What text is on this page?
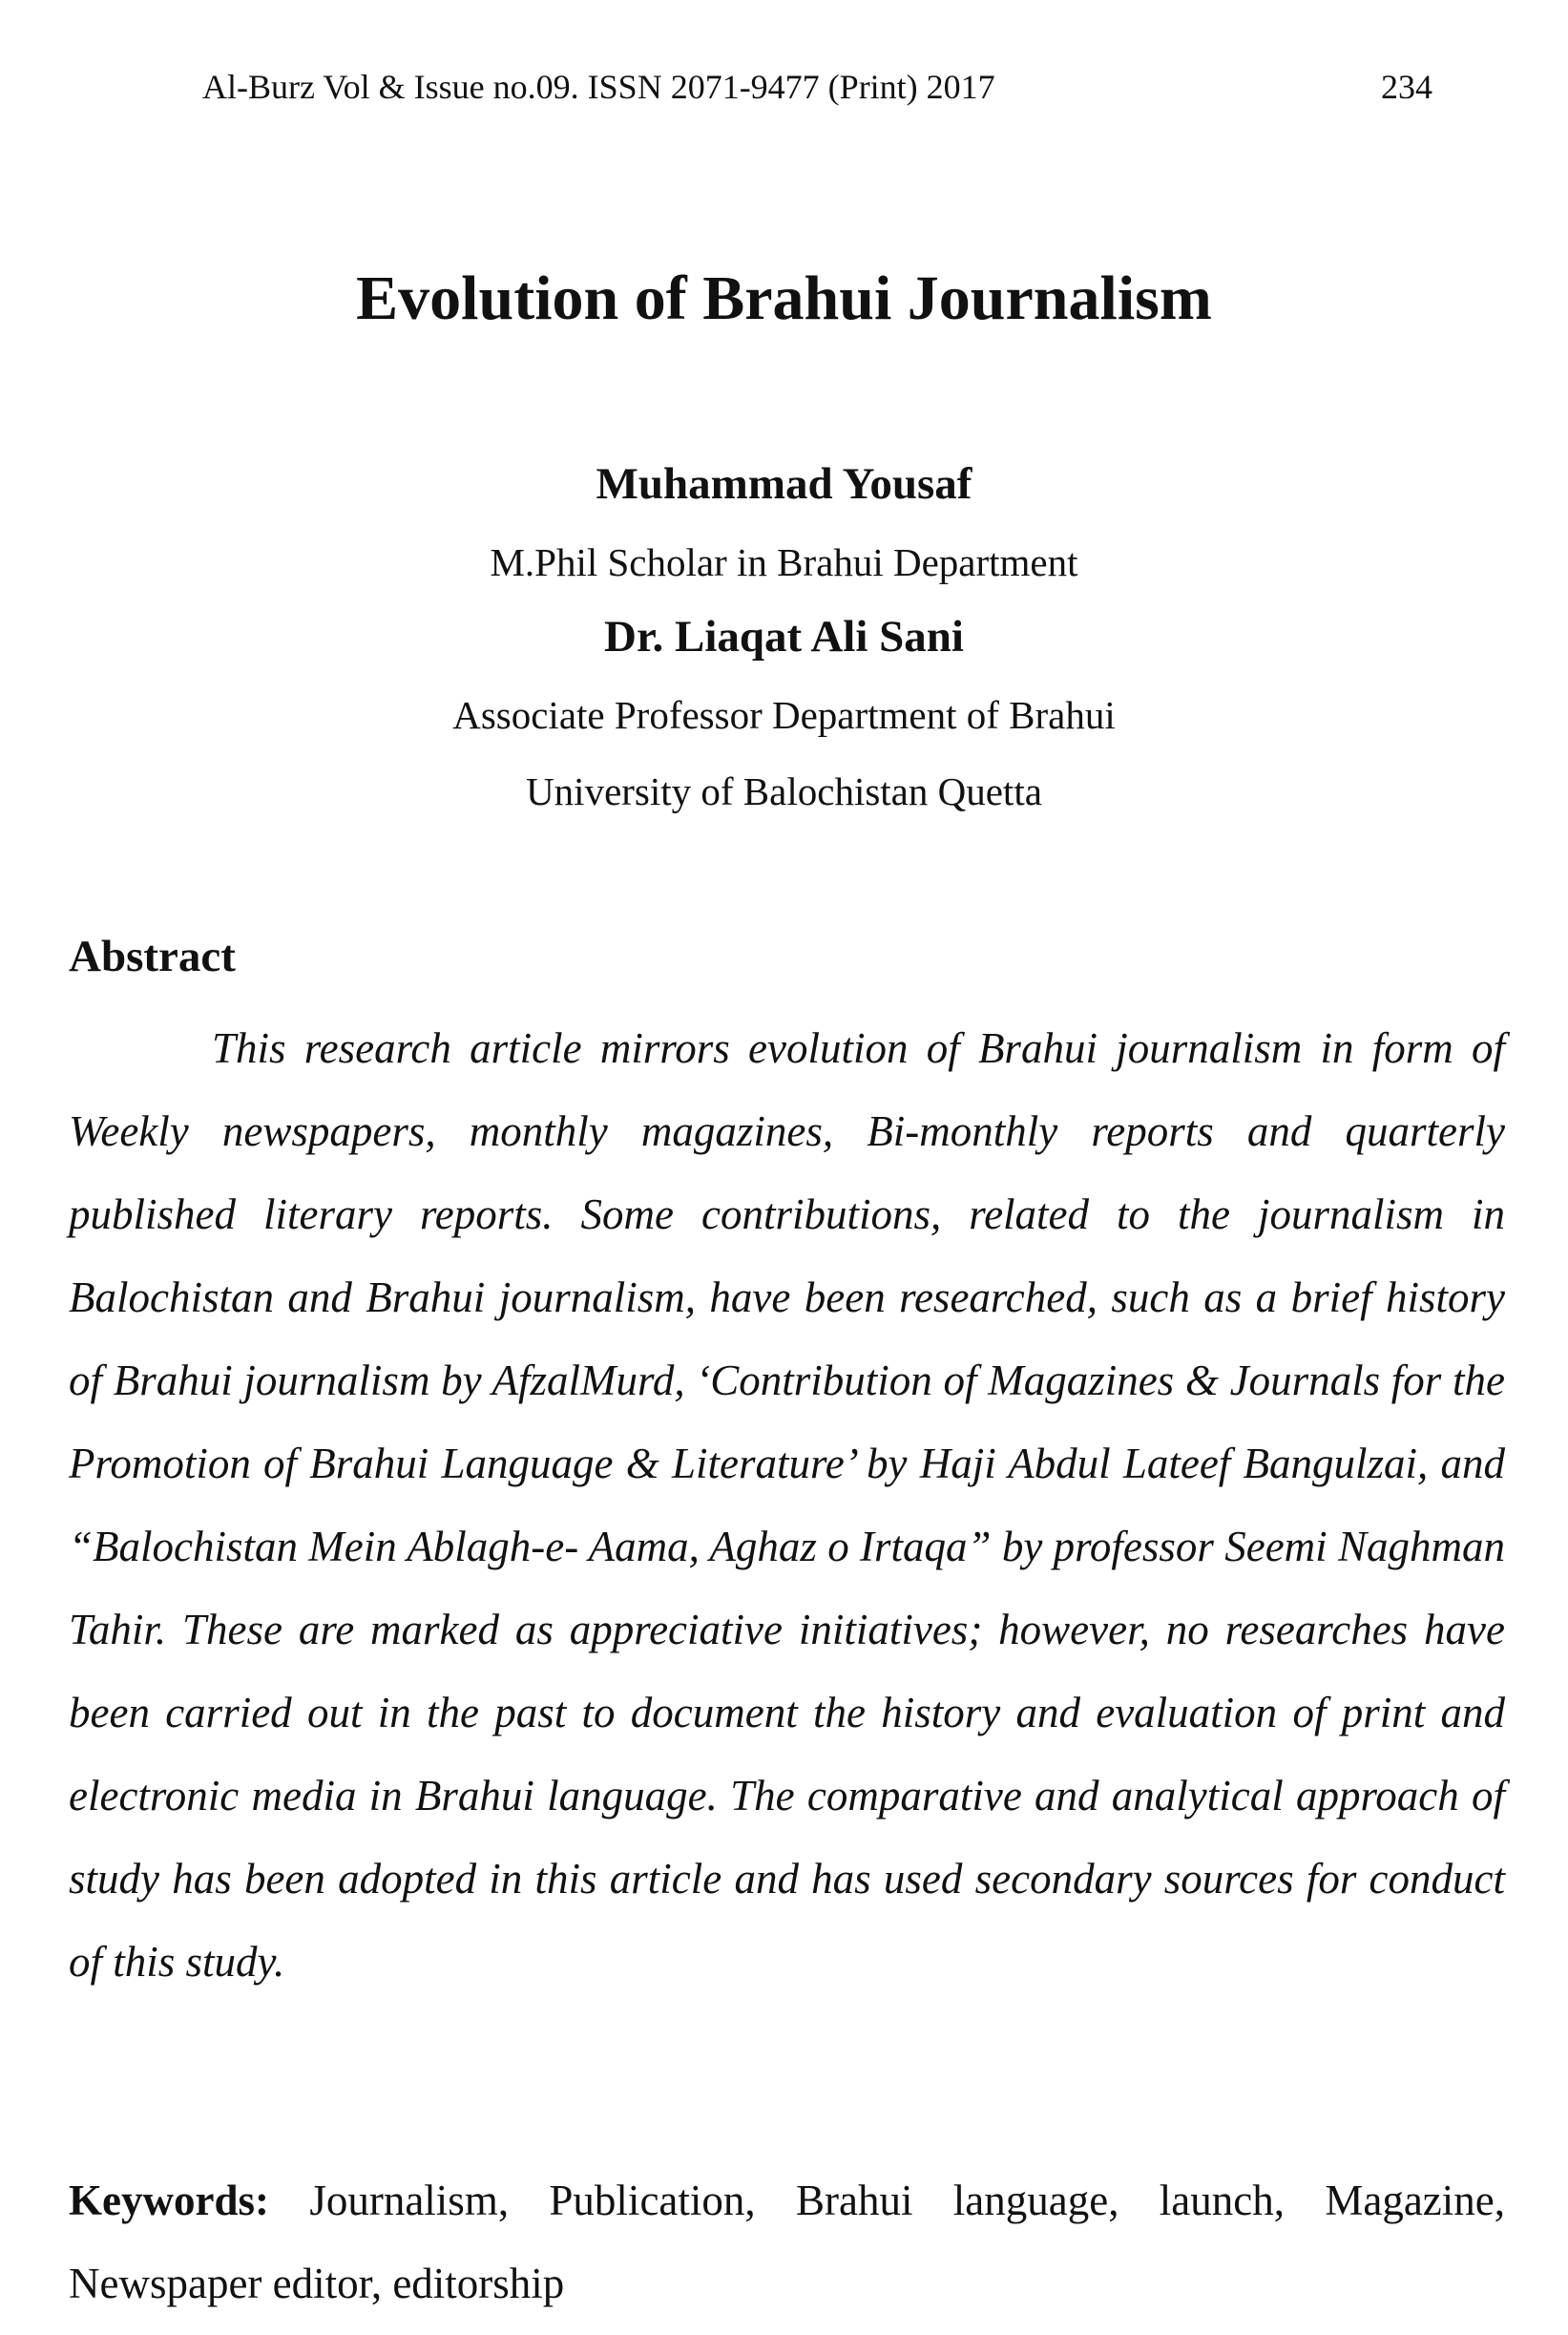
Al-Burz Vol & Issue no.09. ISSN 2071-9477 (Print) 2017	234
Evolution of Brahui Journalism
Muhammad Yousaf
M.Phil Scholar in Brahui Department
Dr. Liaqat Ali Sani
Associate Professor Department of Brahui
University of Balochistan Quetta
Abstract

This research article mirrors evolution of Brahui journalism in form of Weekly newspapers, monthly magazines, Bi-monthly reports and quarterly published literary reports. Some contributions, related to the journalism in Balochistan and Brahui journalism, have been researched, such as a brief history of Brahui journalism by AfzalMurd, ‘Contribution of Magazines & Journals for the Promotion of Brahui Language & Literature’ by Haji Abdul Lateef Bangulzai, and “Balochistan Mein Ablagh-e- Aama, Aghaz o Irtaqa” by professor Seemi Naghman Tahir. These are marked as appreciative initiatives; however, no researches have been carried out in the past to document the history and evaluation of print and electronic media in Brahui language. The comparative and analytical approach of study has been adopted in this article and has used secondary sources for conduct of this study.

Keywords: Journalism, Publication, Brahui language, launch, Magazine, Newspaper editor, editorship
